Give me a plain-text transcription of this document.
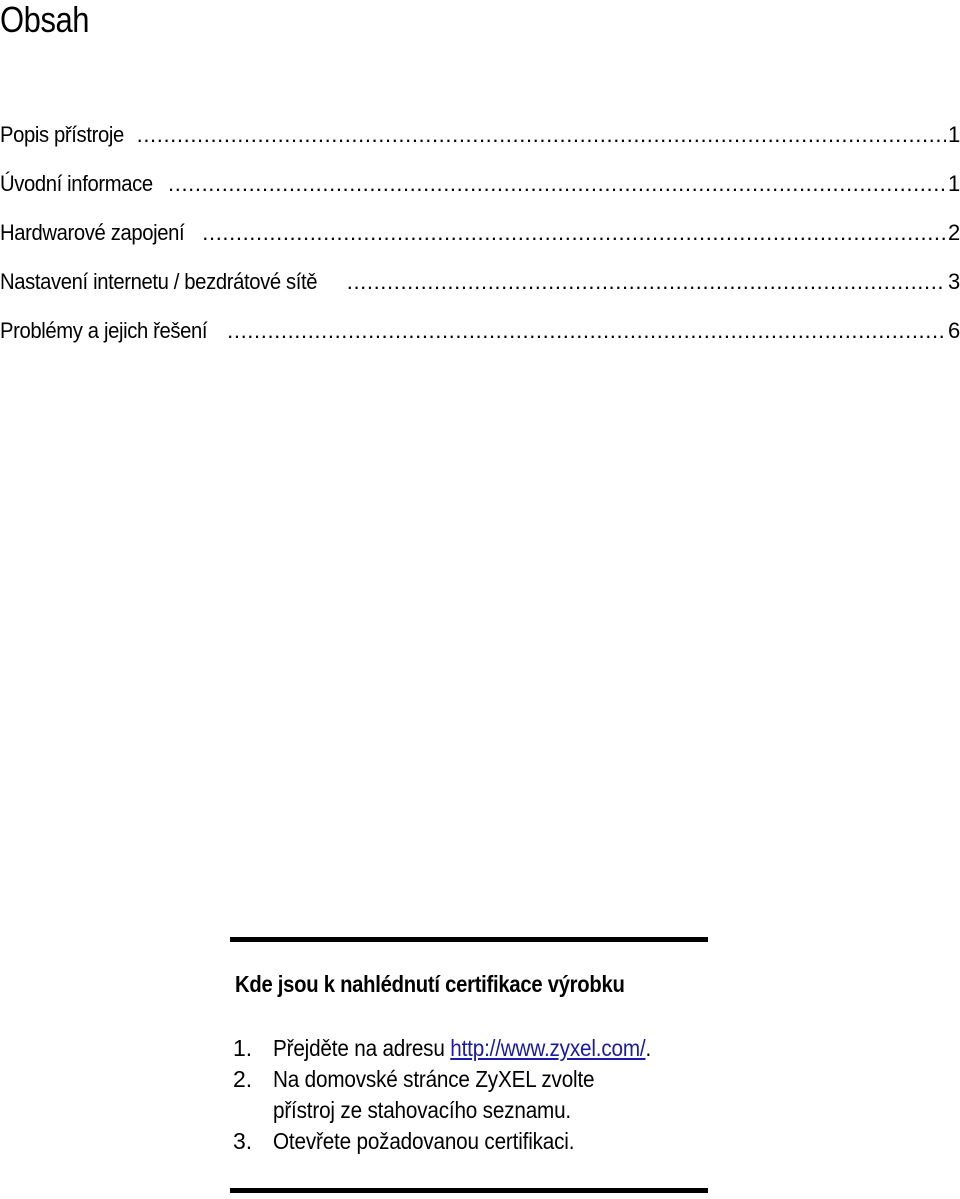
Obsah
Popis přístroje .....	1
Úvodní informace .....	1
Hardwarové zapojení .....	2
Nastavení internetu / bezdrátové sítě .....	3
Problémy a jejich řešení .....	6
Kde jsou k nahlédnutí certifikace výrobku
1. Přejděte na adresu http://www.zyxel.com/.
2. Na domovské stránce ZyXEL zvolte
přístroj ze stahovacího seznamu.
3. Otevřete požadovanou certifikaci.
